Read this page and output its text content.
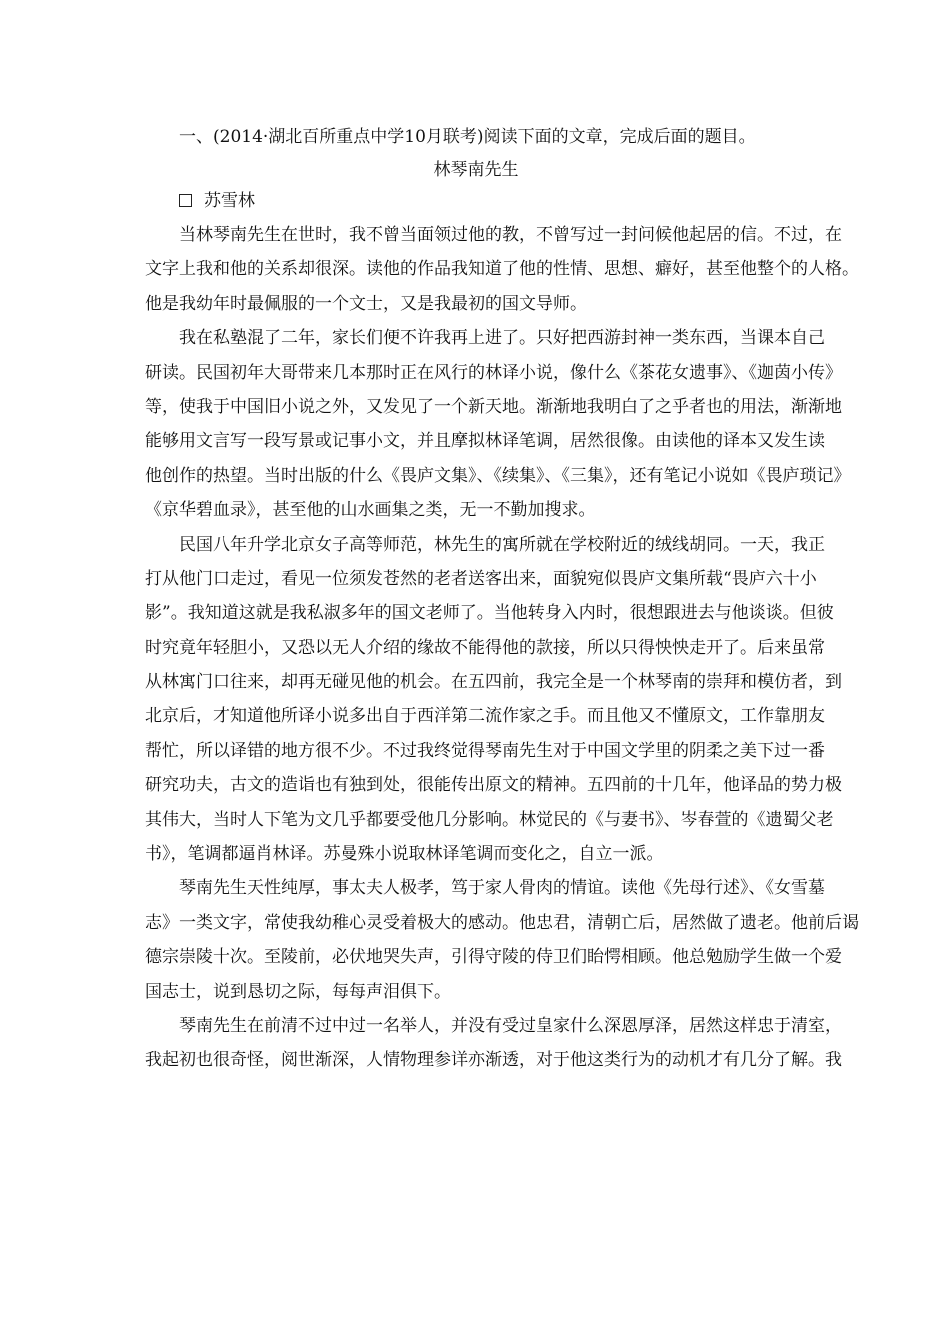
一、(2014·湖北百所重点中学10月联考)阅读下面的文章，完成后面的题目。

林琴南先生

苏雪林

当林琴南先生在世时，我不曾当面领过他的教，不曾写过一封问候他起居的信。不过，在
文字上我和他的关系却很深。读他的作品我知道了他的性情、思想、癖好，甚至他整个的人格。
他是我幼年时最佩服的一个文士，又是我最初的国文导师。

我在私塾混了二年，家长们便不许我再上进了。只好把西游封神一类东西，当课本自己
研读。民国初年大哥带来几本那时正在风行的林译小说，像什么《茶花女遗事》、《迦茵小传》
等，使我于中国旧小说之外，又发见了一个新天地。渐渐地我明白了之乎者也的用法，渐渐地
能够用文言写一段写景或记事小文，并且摩拟林译笔调，居然很像。由读他的译本又发生读
他创作的热望。当时出版的什么《畏庐文集》、《续集》、《三集》，还有笔记小说如《畏庐琐记》
《京华碧血录》，甚至他的山水画集之类，无一不勤加搜求。

民国八年升学北京女子高等师范，林先生的寓所就在学校附近的绒线胡同。一天，我正
打从他门口走过，看见一位须发苍然的老者送客出来，面貌宛似畏庐文集所载“畏庐六十小
影”。我知道这就是我私淑多年的国文老师了。当他转身入内时，很想跟进去与他谈谈。但彼
时究竟年轻胆小，又恐以无人介绍的缘故不能得他的款接，所以只得怏怏走开了。后来虽常
从林寓门口往来，却再无碰见他的机会。在五四前，我完全是一个林琴南的崇拜和模仿者，到
北京后，才知道他所译小说多出自于西洋第二流作家之手。而且他又不懂原文，工作靠朋友
帮忙，所以译错的地方很不少。不过我终觉得琴南先生对于中国文学里的阴柔之美下过一番
研究功夫，古文的造诣也有独到处，很能传出原文的精神。五四前的十几年，他译品的势力极
其伟大，当时人下笔为文几乎都要受他几分影响。林觉民的《与妻书》、岑春萱的《遗蜀父老
书》，笔调都逼肖林译。苏曼殊小说取林译笔调而变化之，自立一派。

琴南先生天性纯厚，事太夫人极孝，笃于家人骨肉的情谊。读他《先母行述》、《女雪墓
志》一类文字，常使我幼稚心灵受着极大的感动。他忠君，清朝亡后，居然做了遗老。他前后谒
德宗崇陵十次。至陵前，必伏地哭失声，引得守陵的侍卫们眙愕相顾。他总勉励学生做一个爱
国志士，说到恳切之际，每每声泪俱下。

琴南先生在前清不过中过一名举人，并没有受过皇家什么深恩厚泽，居然这样忠于清室，
我起初也很奇怪，阅世渐深，人情物理参详亦渐透，对于他这类行为的动机才有几分了解。我
